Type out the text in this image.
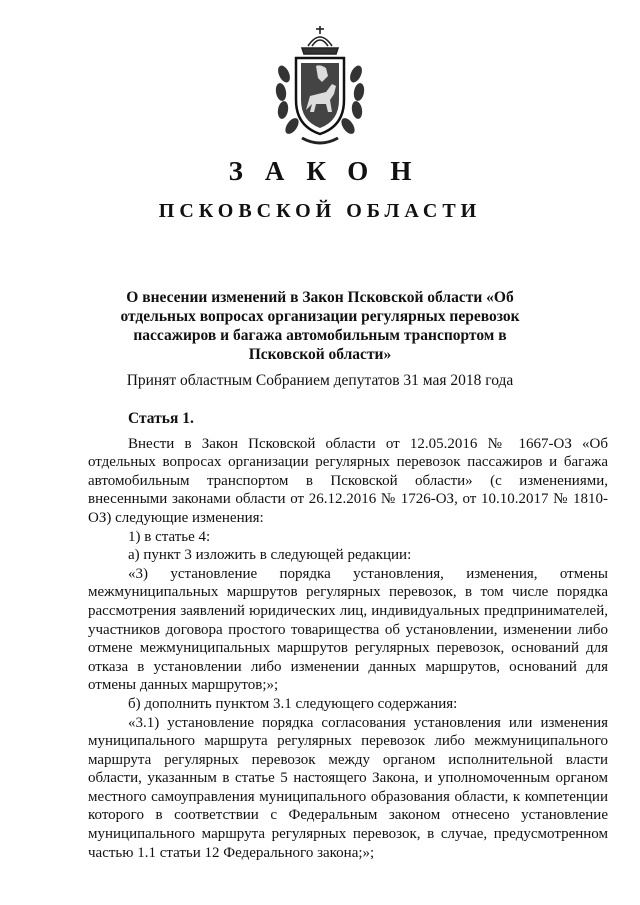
ЗАКОН
ПСКОВСКОЙ ОБЛАСТИ

О внесении изменений в Закон Псковской области «Об отдельных вопросах организации регулярных перевозок пассажиров и багажа автомобильным транспортом в Псковской области»

Принят областным Собранием депутатов 31 мая 2018 года

Статья 1.

Внести в Закон Псковской области от 12.05.2016 № 1667-ОЗ «Об отдельных вопросах организации регулярных перевозок пассажиров и багажа автомобильным транспортом в Псковской области» (с изменениями, внесенными законами области от 26.12.2016 № 1726-ОЗ, от 10.10.2017 № 1810-ОЗ) следующие изменения:

1) в статье 4:

а) пункт 3 изложить в следующей редакции:

«3) установление порядка установления, изменения, отмены межмуниципальных маршрутов регулярных перевозок, в том числе порядка рассмотрения заявлений юридических лиц, индивидуальных предпринимателей, участников договора простого товарищества об установлении, изменении либо отмене межмуниципальных маршрутов регулярных перевозок, оснований для отказа в установлении либо изменении данных маршрутов, оснований для отмены данных маршрутов;»;

б) дополнить пунктом 3.1 следующего содержания:

«3.1) установление порядка согласования установления или изменения муниципального маршрута регулярных перевозок либо межмуниципального маршрута регулярных перевозок между органом исполнительной власти области, указанным в статье 5 настоящего Закона, и уполномоченным органом местного самоуправления муниципального образования области, к компетенции которого в соответствии с Федеральным законом отнесено установление муниципального маршрута регулярных перевозок, в случае, предусмотренном частью 1.1 статьи 12 Федерального закона;»;
